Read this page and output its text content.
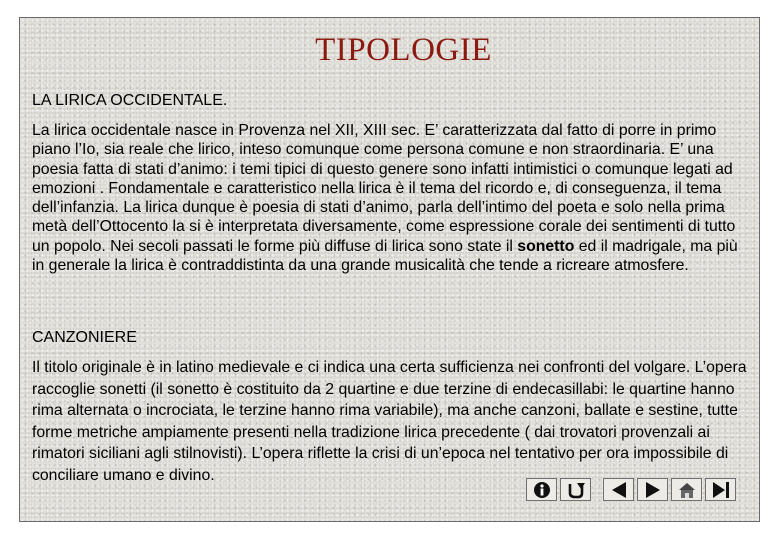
TIPOLOGIE
LA LIRICA OCCIDENTALE.

La lirica occidentale nasce in Provenza nel XII, XIII sec. E’ caratterizzata dal fatto di porre in primo piano l’Io, sia reale che lirico, inteso comunque come persona comune e non straordinaria. E’ una poesia fatta di stati d’animo: i temi tipici di questo genere sono infatti intimistici o comunque legati ad emozioni . Fondamentale e caratteristico nella lirica è il tema del ricordo e, di conseguenza, il tema dell’infanzia. La lirica dunque è poesia di stati d’animo, parla dell’intimo del poeta e solo nella prima metà dell’Ottocento la si è interpretata diversamente, come espressione corale dei sentimenti di tutto un popolo. Nei secoli passati le forme più diffuse di lirica sono state il sonetto ed il madrigale, ma più in generale la lirica è contraddistinta da una grande musicalità che tende a ricreare atmosfere.

CANZONIERE

Il titolo originale è in latino medievale e ci indica una certa sufficienza nei confronti del volgare. L’opera raccoglie sonetti (il sonetto è costituito da 2 quartine e due terzine di endecasillabi: le quartine hanno rima alternata o incrociata, le terzine hanno rima variabile), ma anche canzoni, ballate e sestine, tutte forme metriche ampiamente presenti nella tradizione lirica precedente ( dai trovatori provenzali ai rimatori siciliani agli stilnovisti). L’opera riflette la crisi di un’epoca nel tentativo per ora impossibile di conciliare umano e divino.
